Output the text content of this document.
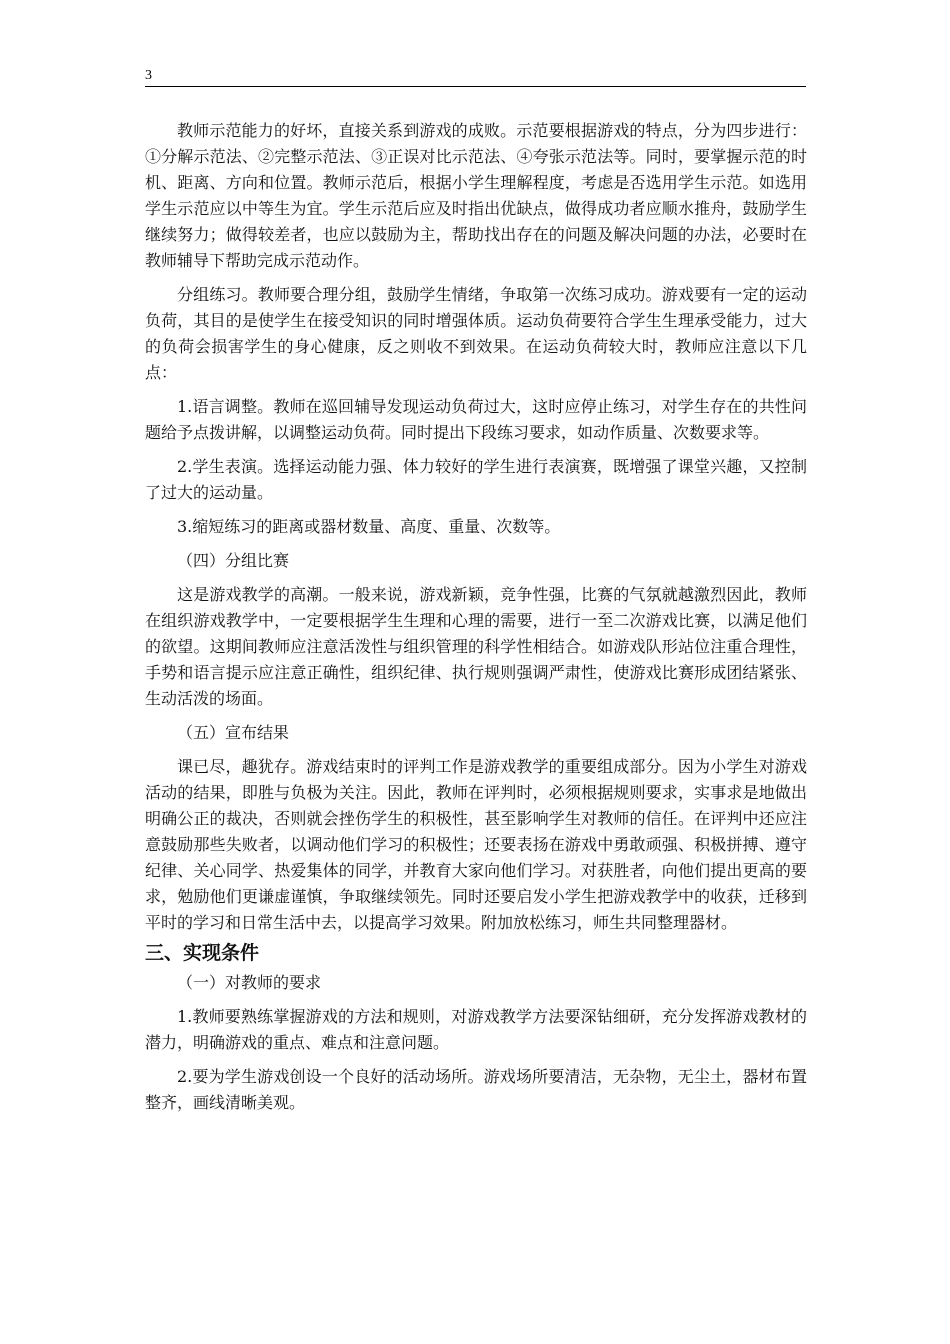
3

教师示范能力的好坏，直接关系到游戏的成败。示范要根据游戏的特点，分为四步进行：①分解示范法、②完整示范法、③正误对比示范法、④夸张示范法等。同时，要掌握示范的时机、距离、方向和位置。教师示范后，根据小学生理解程度，考虑是否选用学生示范。如选用学生示范应以中等生为宜。学生示范后应及时指出优缺点，做得成功者应顺水推舟，鼓励学生继续努力；做得较差者，也应以鼓励为主，帮助找出存在的问题及解决问题的办法，必要时在教师辅导下帮助完成示范动作。

分组练习。教师要合理分组，鼓励学生情绪，争取第一次练习成功。游戏要有一定的运动负荷，其目的是使学生在接受知识的同时增强体质。运动负荷要符合学生生理承受能力，过大的负荷会损害学生的身心健康，反之则收不到效果。在运动负荷较大时，教师应注意以下几点：

1.语言调整。教师在巡回辅导发现运动负荷过大，这时应停止练习，对学生存在的共性问题给予点拨讲解，以调整运动负荷。同时提出下段练习要求，如动作质量、次数要求等。

2.学生表演。选择运动能力强、体力较好的学生进行表演赛，既增强了课堂兴趣，又控制了过大的运动量。

3.缩短练习的距离或器材数量、高度、重量、次数等。

（四）分组比赛

这是游戏教学的高潮。一般来说，游戏新颖，竞争性强，比赛的气氛就越激烈因此，教师在组织游戏教学中，一定要根据学生生理和心理的需要，进行一至二次游戏比赛，以满足他们的欲望。这期间教师应注意活泼性与组织管理的科学性相结合。如游戏队形站位注重合理性，手势和语言提示应注意正确性，组织纪律、执行规则强调严肃性，使游戏比赛形成团结紧张、生动活泼的场面。

（五）宣布结果

课已尽，趣犹存。游戏结束时的评判工作是游戏教学的重要组成部分。因为小学生对游戏活动的结果，即胜与负极为关注。因此，教师在评判时，必须根据规则要求，实事求是地做出明确公正的裁决，否则就会挫伤学生的积极性，甚至影响学生对教师的信任。在评判中还应注意鼓励那些失败者，以调动他们学习的积极性；还要表扬在游戏中勇敢顽强、积极拼搏、遵守纪律、关心同学、热爱集体的同学，并教育大家向他们学习。对获胜者，向他们提出更高的要求，勉励他们更谦虚谨慎，争取继续领先。同时还要启发小学生把游戏教学中的收获，迁移到平时的学习和日常生活中去，以提高学习效果。附加放松练习，师生共同整理器材。

三、实现条件

（一）对教师的要求

1.教师要熟练掌握游戏的方法和规则，对游戏教学方法要深钻细研，充分发挥游戏教材的潜力，明确游戏的重点、难点和注意问题。

2.要为学生游戏创设一个良好的活动场所。游戏场所要清洁，无杂物，无尘土，器材布置整齐，画线清晰美观。
